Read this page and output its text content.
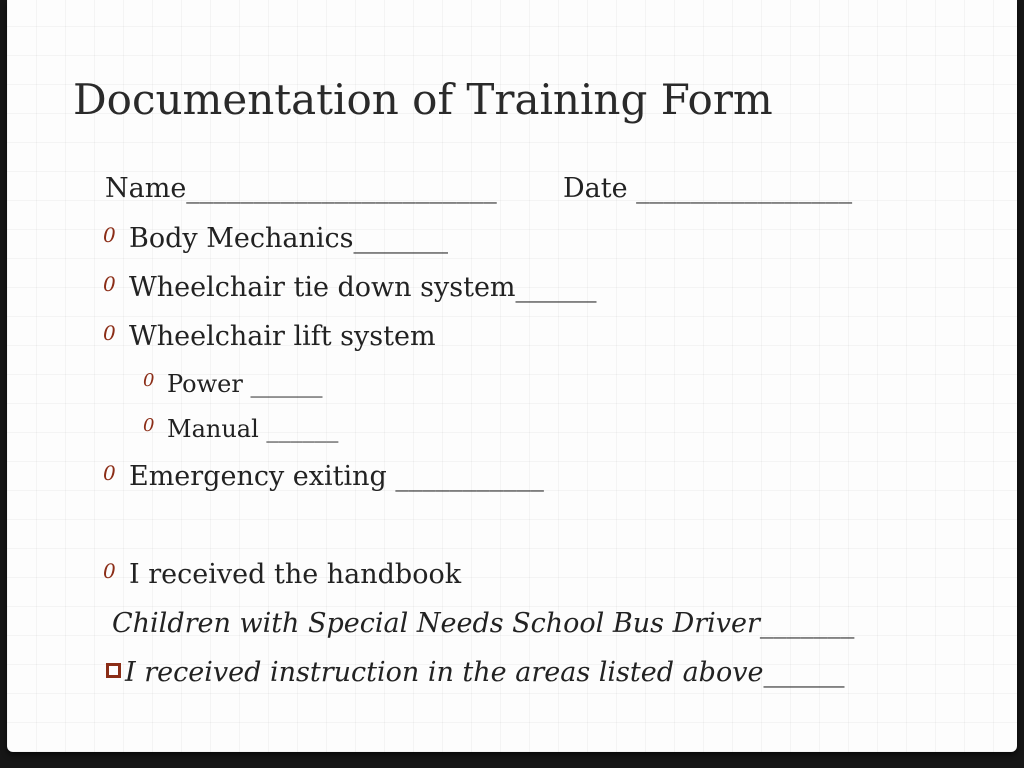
Documentation of Training Form
Name_______________________ Date ________________
0 Body Mechanics_______
0 Wheelchair tie down system______
0 Wheelchair lift system
0 Power ______
0 Manual ______
0 Emergency exiting ___________
0 I received the handbook
Children with Special Needs School Bus Driver_______
I received instruction in the areas listed above______
